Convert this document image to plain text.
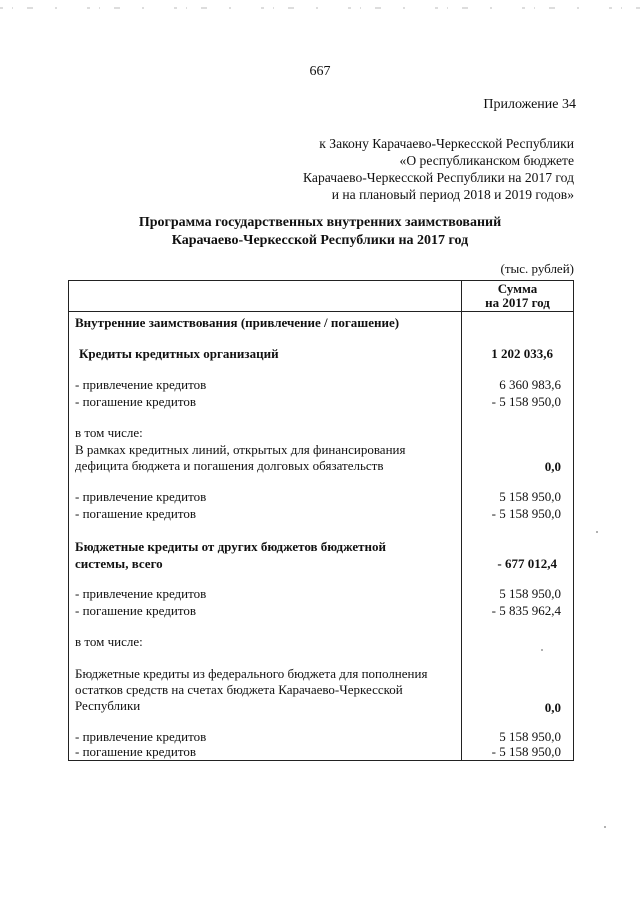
667
Приложение 34
к Закону Карачаево-Черкесской Республики
«О республиканском бюджете
Карачаево-Черкесской Республики на 2017 год
и на плановый период 2018 и 2019 годов»
Программа государственных внутренних заимствований
Карачаево-Черкесской Республики на 2017 год
(тыс. рублей)
Сумма
на 2017 год
Внутренние заимствования (привлечение / погашение)
Кредиты кредитных организаций	1 202 033,6
- привлечение кредитов	6 360 983,6
- погашение кредитов	- 5 158 950,0
в том числе:
В рамках кредитных линий, открытых для финансирования дефицита бюджета и погашения долговых обязательств	0,0
- привлечение кредитов	5 158 950,0
- погашение кредитов	- 5 158 950,0
Бюджетные кредиты от других бюджетов бюджетной системы, всего	- 677 012,4
- привлечение кредитов	5 158 950,0
- погашение кредитов	- 5 835 962,4
в том числе:
Бюджетные кредиты из федерального бюджета для пополнения остатков средств на счетах бюджета Карачаево-Черкесской Республики	0,0
- привлечение кредитов	5 158 950,0
- погашение кредитов	- 5 158 950,0
